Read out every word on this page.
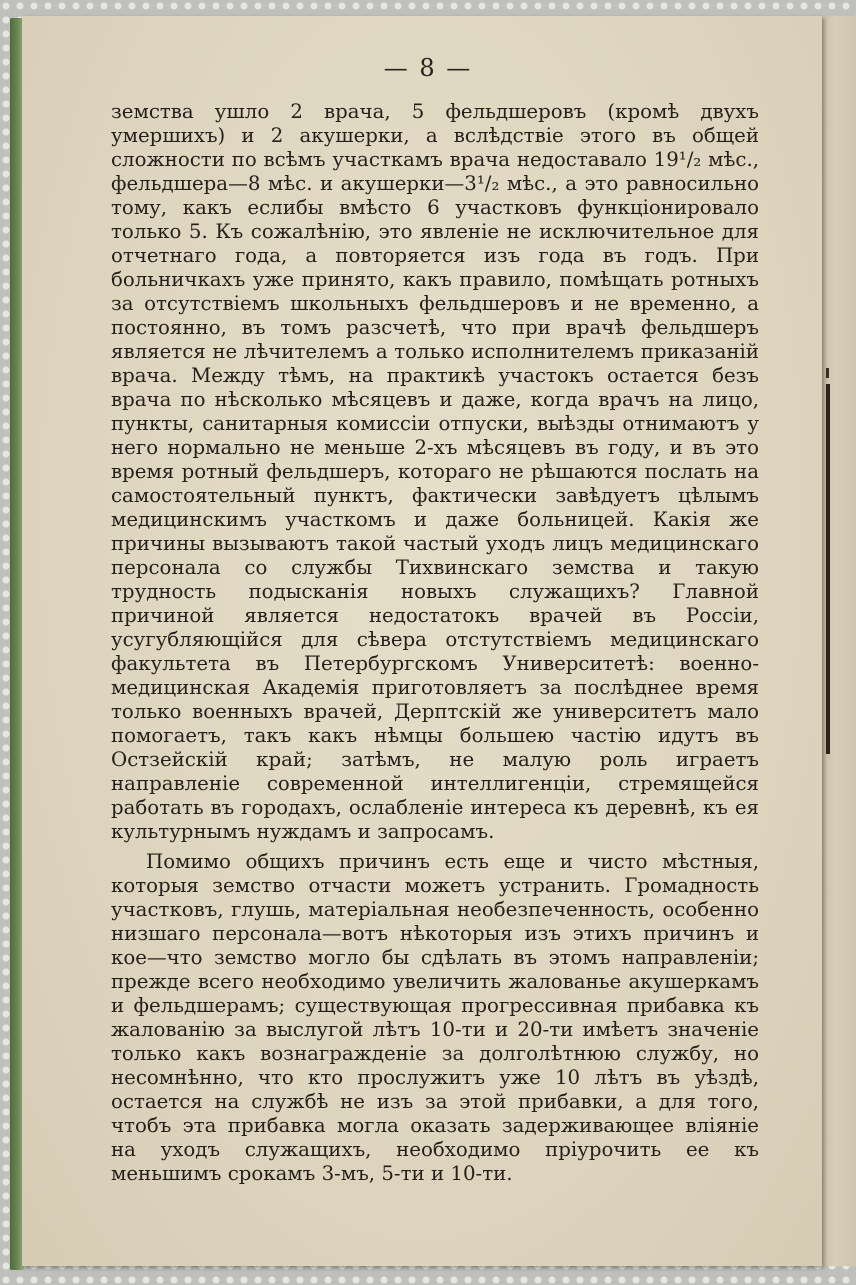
— 8 —

земства ушло 2 врача, 5 фельдшеровъ (кромѣ двухъ умершихъ) и 2 акушерки, а вслѣдствіе этого въ общей сложности по всѣмъ участкамъ врача недоставало 19¹/₂ мѣс., фельдшера—8 мѣс. и акушерки—3¹/₂ мѣс., а это равносильно тому, какъ еслибы вмѣсто 6 участковъ функціонировало только 5. Къ сожалѣнію, это явленіе не исключительное для отчетнаго года, а повторяется изъ года въ годъ. При больничкахъ уже принято, какъ правило, помѣщать ротныхъ за отсутствіемъ школьныхъ фельдшеровъ и не временно, а постоянно, въ томъ разсчетѣ, что при врачѣ фельдшеръ является не лѣчителемъ а только исполнителемъ приказаній врача. Между тѣмъ, на практикѣ участокъ остается безъ врача по нѣсколько мѣсяцевъ и даже, когда врачъ на лицо, пункты, санитарныя комиссіи отпуски, выѣзды отнимаютъ у него нормально не меньше 2-хъ мѣсяцевъ въ году, и въ это время ротный фельдшеръ, котораго не рѣшаются послать на самостоятельный пунктъ, фактически завѣдуетъ цѣлымъ медицинскимъ участкомъ и даже больницей. Какія же причины вызываютъ такой частый уходъ лицъ медицинскаго персонала со службы Тихвинскаго земства и такую трудность подысканія новыхъ служащихъ? Главной причиной является недостатокъ врачей въ Россіи, усугубляющійся для сѣвера отстутствіемъ медицинскаго факультета въ Петербургскомъ Университетѣ: военно-медицинская Академія приготовляетъ за послѣднее время только военныхъ врачей, Дерптскій же университетъ мало помогаетъ, такъ какъ нѣмцы большею частію идутъ въ Остзейскій край; затѣмъ, не малую роль играетъ направленіе современной интеллигенціи, стремящейся работать въ городахъ, ослабленіе интереса къ деревнѣ, къ ея культурнымъ нуждамъ и запросамъ.

Помимо общихъ причинъ есть еще и чисто мѣстныя, которыя земство отчасти можетъ устранить. Громадность участковъ, глушь, матеріальная необезпеченность, особенно низшаго персонала—вотъ нѣкоторыя изъ этихъ причинъ и кое—что земство могло бы сдѣлать въ этомъ направленіи; прежде всего необходимо увеличить жалованье акушеркамъ и фельдшерамъ; существующая прогрессивная прибавка къ жалованію за выслугой лѣтъ 10-ти и 20-ти имѣетъ значеніе только какъ вознагражденіе за долголѣтнюю службу, но несомнѣнно, что кто прослужитъ уже 10 лѣтъ въ уѣздѣ, остается на службѣ не изъ за этой прибавки, а для того, чтобъ эта прибавка могла оказать задерживающее вліяніе на уходъ служащихъ, необходимо пріурочить ее къ меньшимъ срокамъ 3-мъ, 5-ти и 10-ти.
